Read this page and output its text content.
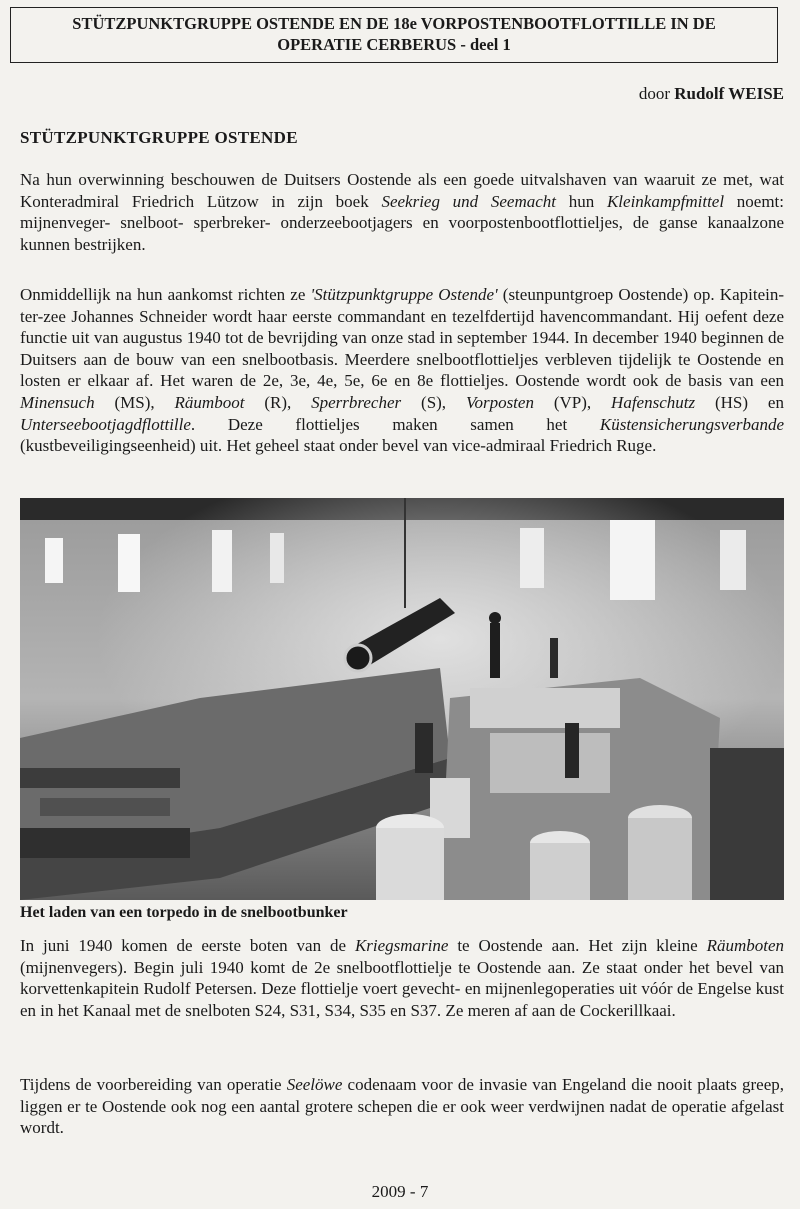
STÜTZPUNKTGRUPPE OSTENDE EN DE 18e VORPOSTENBOOTFLOTTILLE IN DE
OPERATIE CERBERUS - deel 1
door Rudolf WEISE
STÜTZPUNKTGRUPPE OSTENDE

Na hun overwinning beschouwen de Duitsers Oostende als een goede uitvalshaven van waaruit ze met, wat Konteradmiral Friedrich Lützow in zijn boek Seekrieg und Seemacht hun Kleinkampfmittel noemt: mijnenveger- snelboot- sperbreker- onderzeebootjagers en voorpostenbootflottieljes, de ganse kanaalzone kunnen bestrijken.

Onmiddellijk na hun aankomst richten ze 'Stützpunktgruppe Ostende' (steunpuntgroep Oostende) op. Kapitein-ter-zee Johannes Schneider wordt haar eerste commandant en tezelfdertijd havencommandant. Hij oefent deze functie uit van augustus 1940 tot de bevrijding van onze stad in september 1944. In december 1940 beginnen de Duitsers aan de bouw van een snelbootbasis. Meerdere snelbootflottieljes verbleven tijdelijk te Oostende en losten er elkaar af. Het waren de 2e, 3e, 4e, 5e, 6e en 8e flottieljes. Oostende wordt ook de basis van een Minensuch (MS), Räumboot (R), Sperrbrecher (S), Vorposten (VP), Hafenschutz (HS) en Unterseebootjagdflottille. Deze flottieljes maken samen het Küstensicherungsverbande (kustbeveiligingseenheid) uit. Het geheel staat onder bevel van vice-admiraal Friedrich Ruge.

Het laden van een torpedo in de snelbootbunker

In juni 1940 komen de eerste boten van de Kriegsmarine te Oostende aan. Het zijn kleine Räumboten (mijnenvegers). Begin juli 1940 komt de 2e snelbootflottielje te Oostende aan. Ze staat onder het bevel van korvettenkapitein Rudolf Petersen. Deze flottielje voert gevecht- en mijnenlegoperaties uit vóór de Engelse kust en in het Kanaal met de snelboten S24, S31, S34, S35 en S37. Ze meren af aan de Cockerillkaai.

Tijdens de voorbereiding van operatie Seelöwe codenaam voor de invasie van Engeland die nooit plaats greep, liggen er te Oostende ook nog een aantal grotere schepen die er ook weer verdwijnen nadat de operatie afgelast wordt.

2009 - 7
